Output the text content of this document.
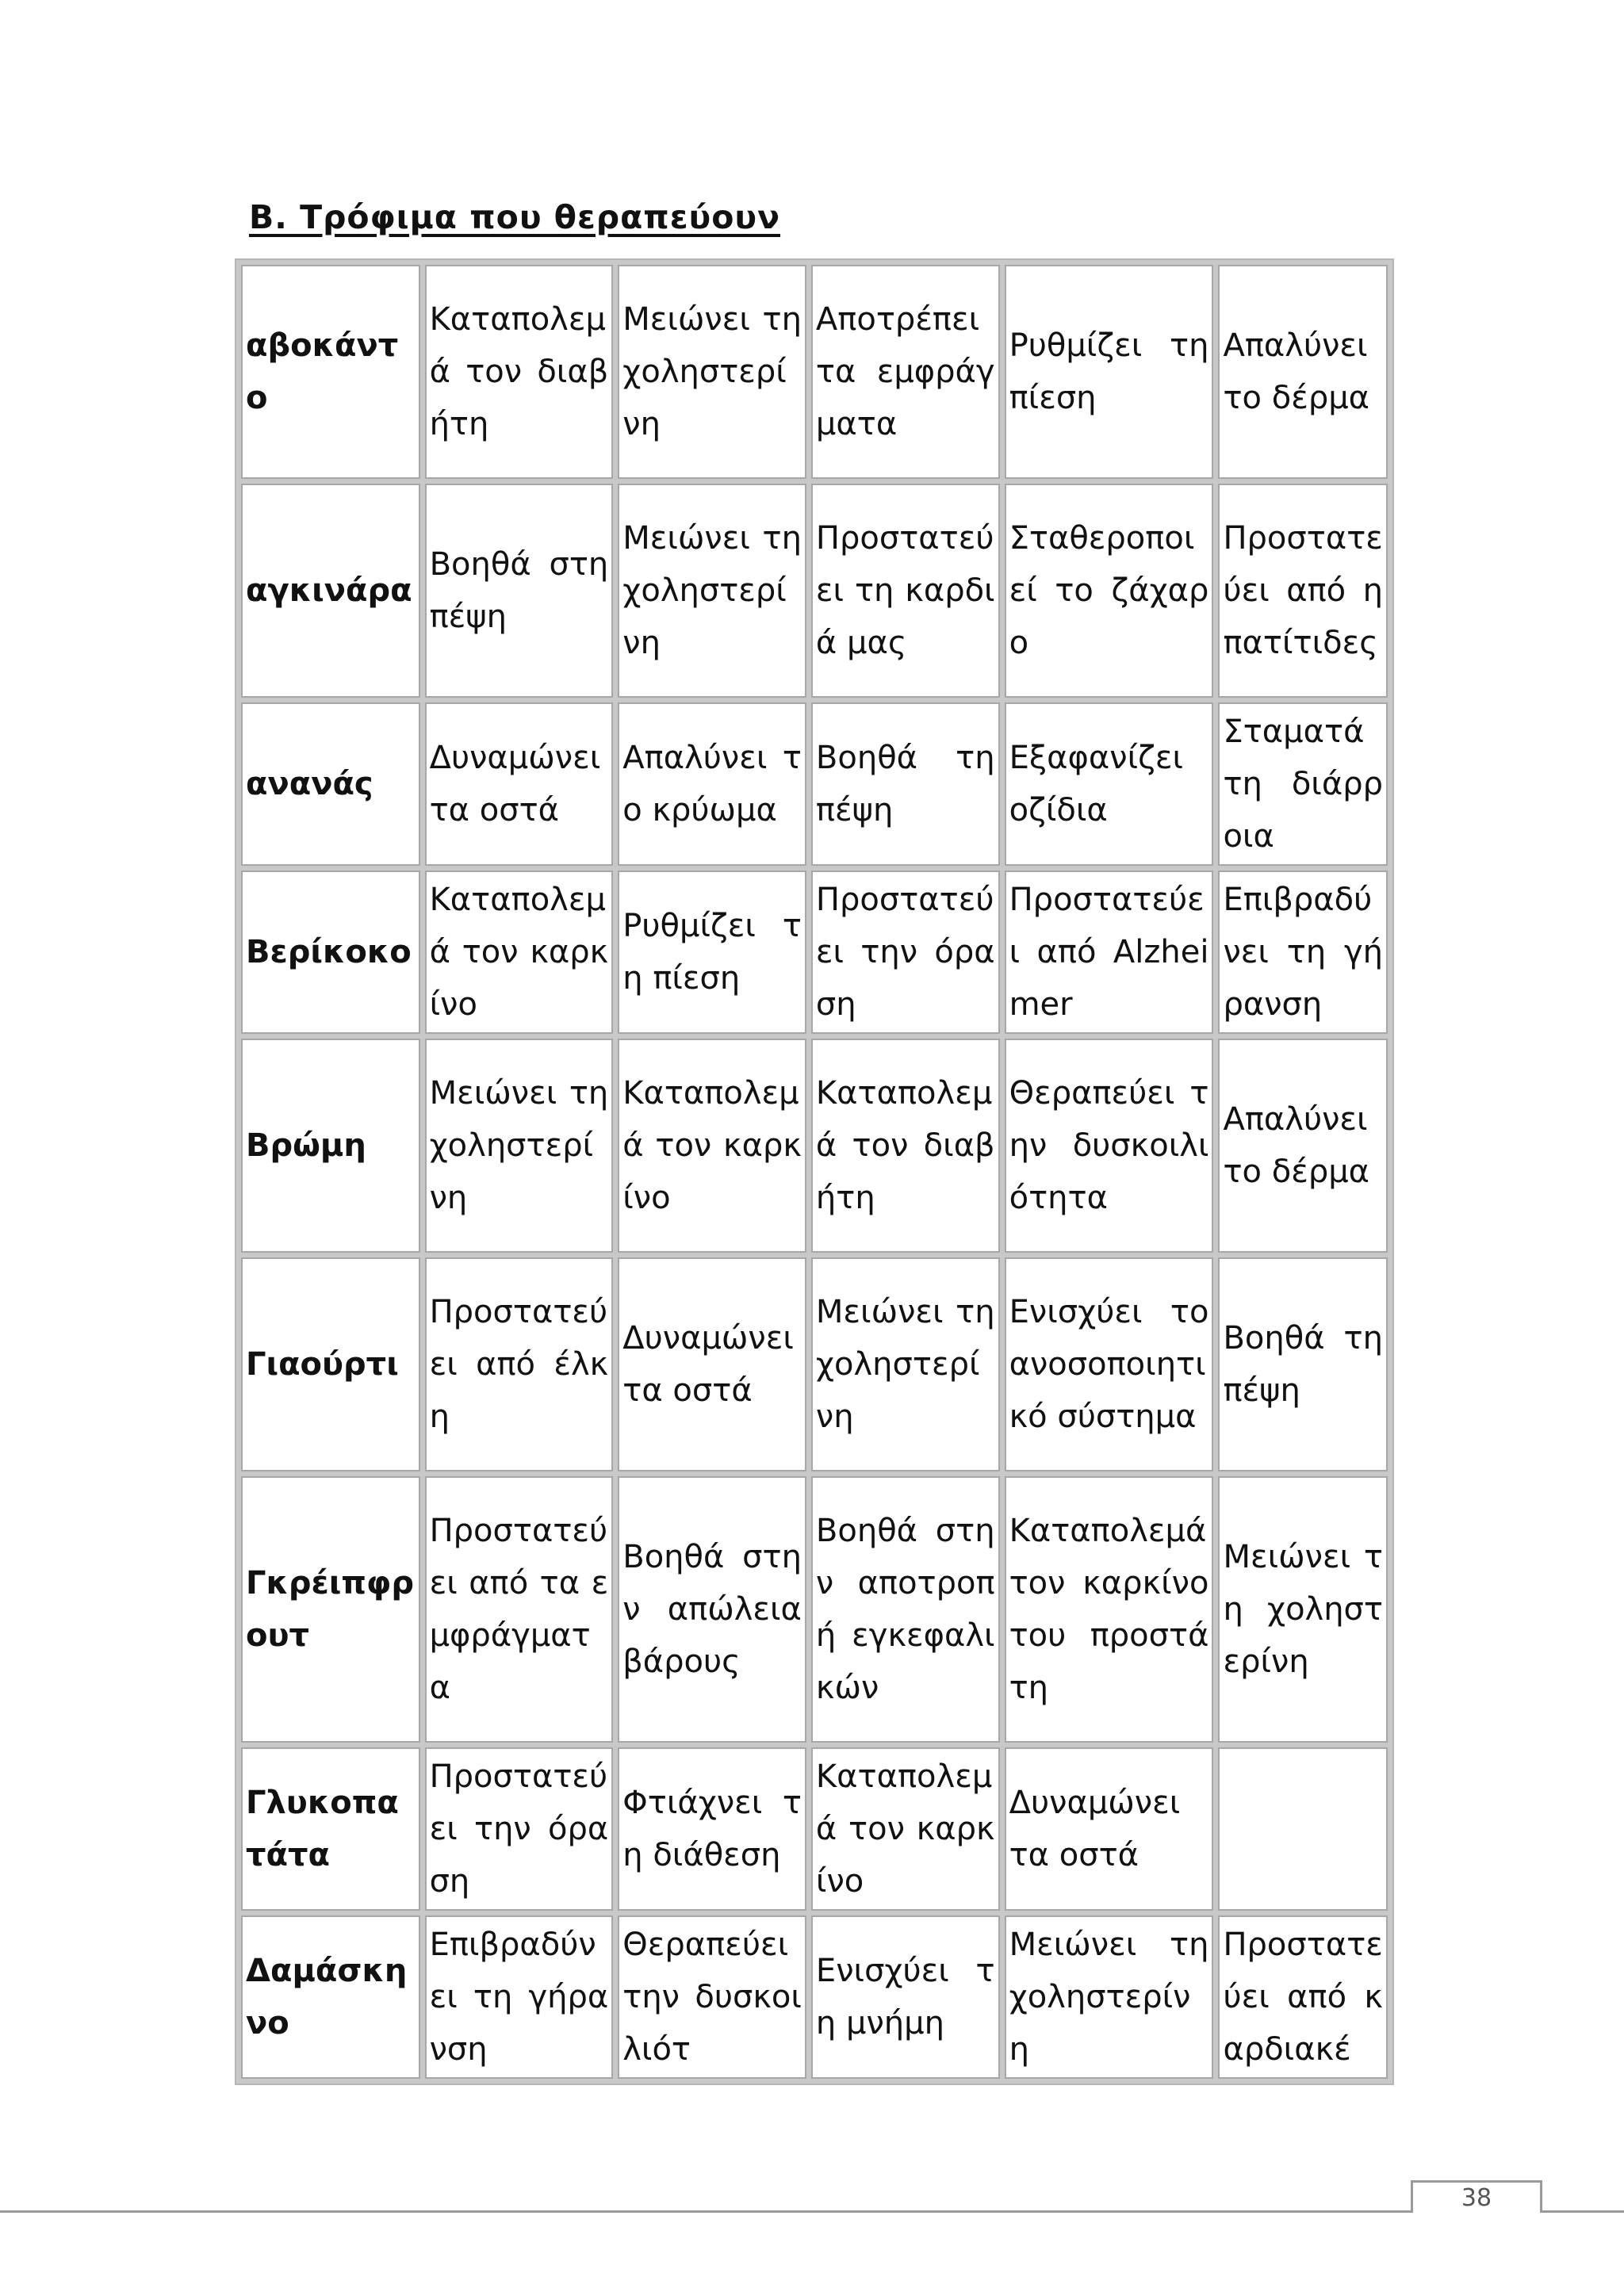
Β. Τρόφιμα που θεραπεύουν
αβοκάντο	Καταπολεμά τον διαβήτη	Μειώνει τη χοληστερίνη	Αποτρέπει τα εμφράγματα	Ρυθμίζει τη πίεση	Απαλύνει το δέρμα
αγκινάρα	Βοηθά στη πέψη	Μειώνει τη χοληστερίνη	Προστατεύει τη καρδιά μας	Σταθεροποιεί το ζάχαρο	Προστατεύει από ηπατίτιδες
ανανάς	Δυναμώνει τα οστά	Απαλύνει το κρύωμα	Βοηθά τη πέψη	Εξαφανίζει οζίδια	Σταματά τη διάρροια
Βερίκοκο	Καταπολεμά τον καρκίνο	Ρυθμίζει τη πίεση	Προστατεύει την όραση	Προστατεύει από Alzheimer	Επιβραδύνει τη γήρανση
Βρώμη	Μειώνει τη χοληστερίνη	Καταπολεμά τον καρκίνο	Καταπολεμά τον διαβήτη	Θεραπεύει την δυσκοιλιότητα	Απαλύνει το δέρμα
Γιαούρτι	Προστατεύει από έλκη	Δυναμώνει τα οστά	Μειώνει τη χοληστερίνη	Ενισχύει το ανοσοποιητικό σύστημα	Βοηθά τη πέψη
Γκρέιπφρουτ	Προστατεύει από τα εμφράγματα	Βοηθά στην απώλεια βάρους	Βοηθά στην αποτροπή εγκεφαλικών	Καταπολεμά τον καρκίνο του προστάτη	Μειώνει τη χοληστερίνη
Γλυκοπατάτα	Προστατεύει την όραση	Φτιάχνει τη διάθεση	Καταπολεμά τον καρκίνο	Δυναμώνει τα οστά	
Δαμάσκηνο	Επιβραδύνει τη γήρανση	Θεραπεύει την δυσκοιλιότ	Ενισχύει τη μνήμη	Μειώνει τη χοληστερίνη	Προστατεύει από καρδιακέ
38
